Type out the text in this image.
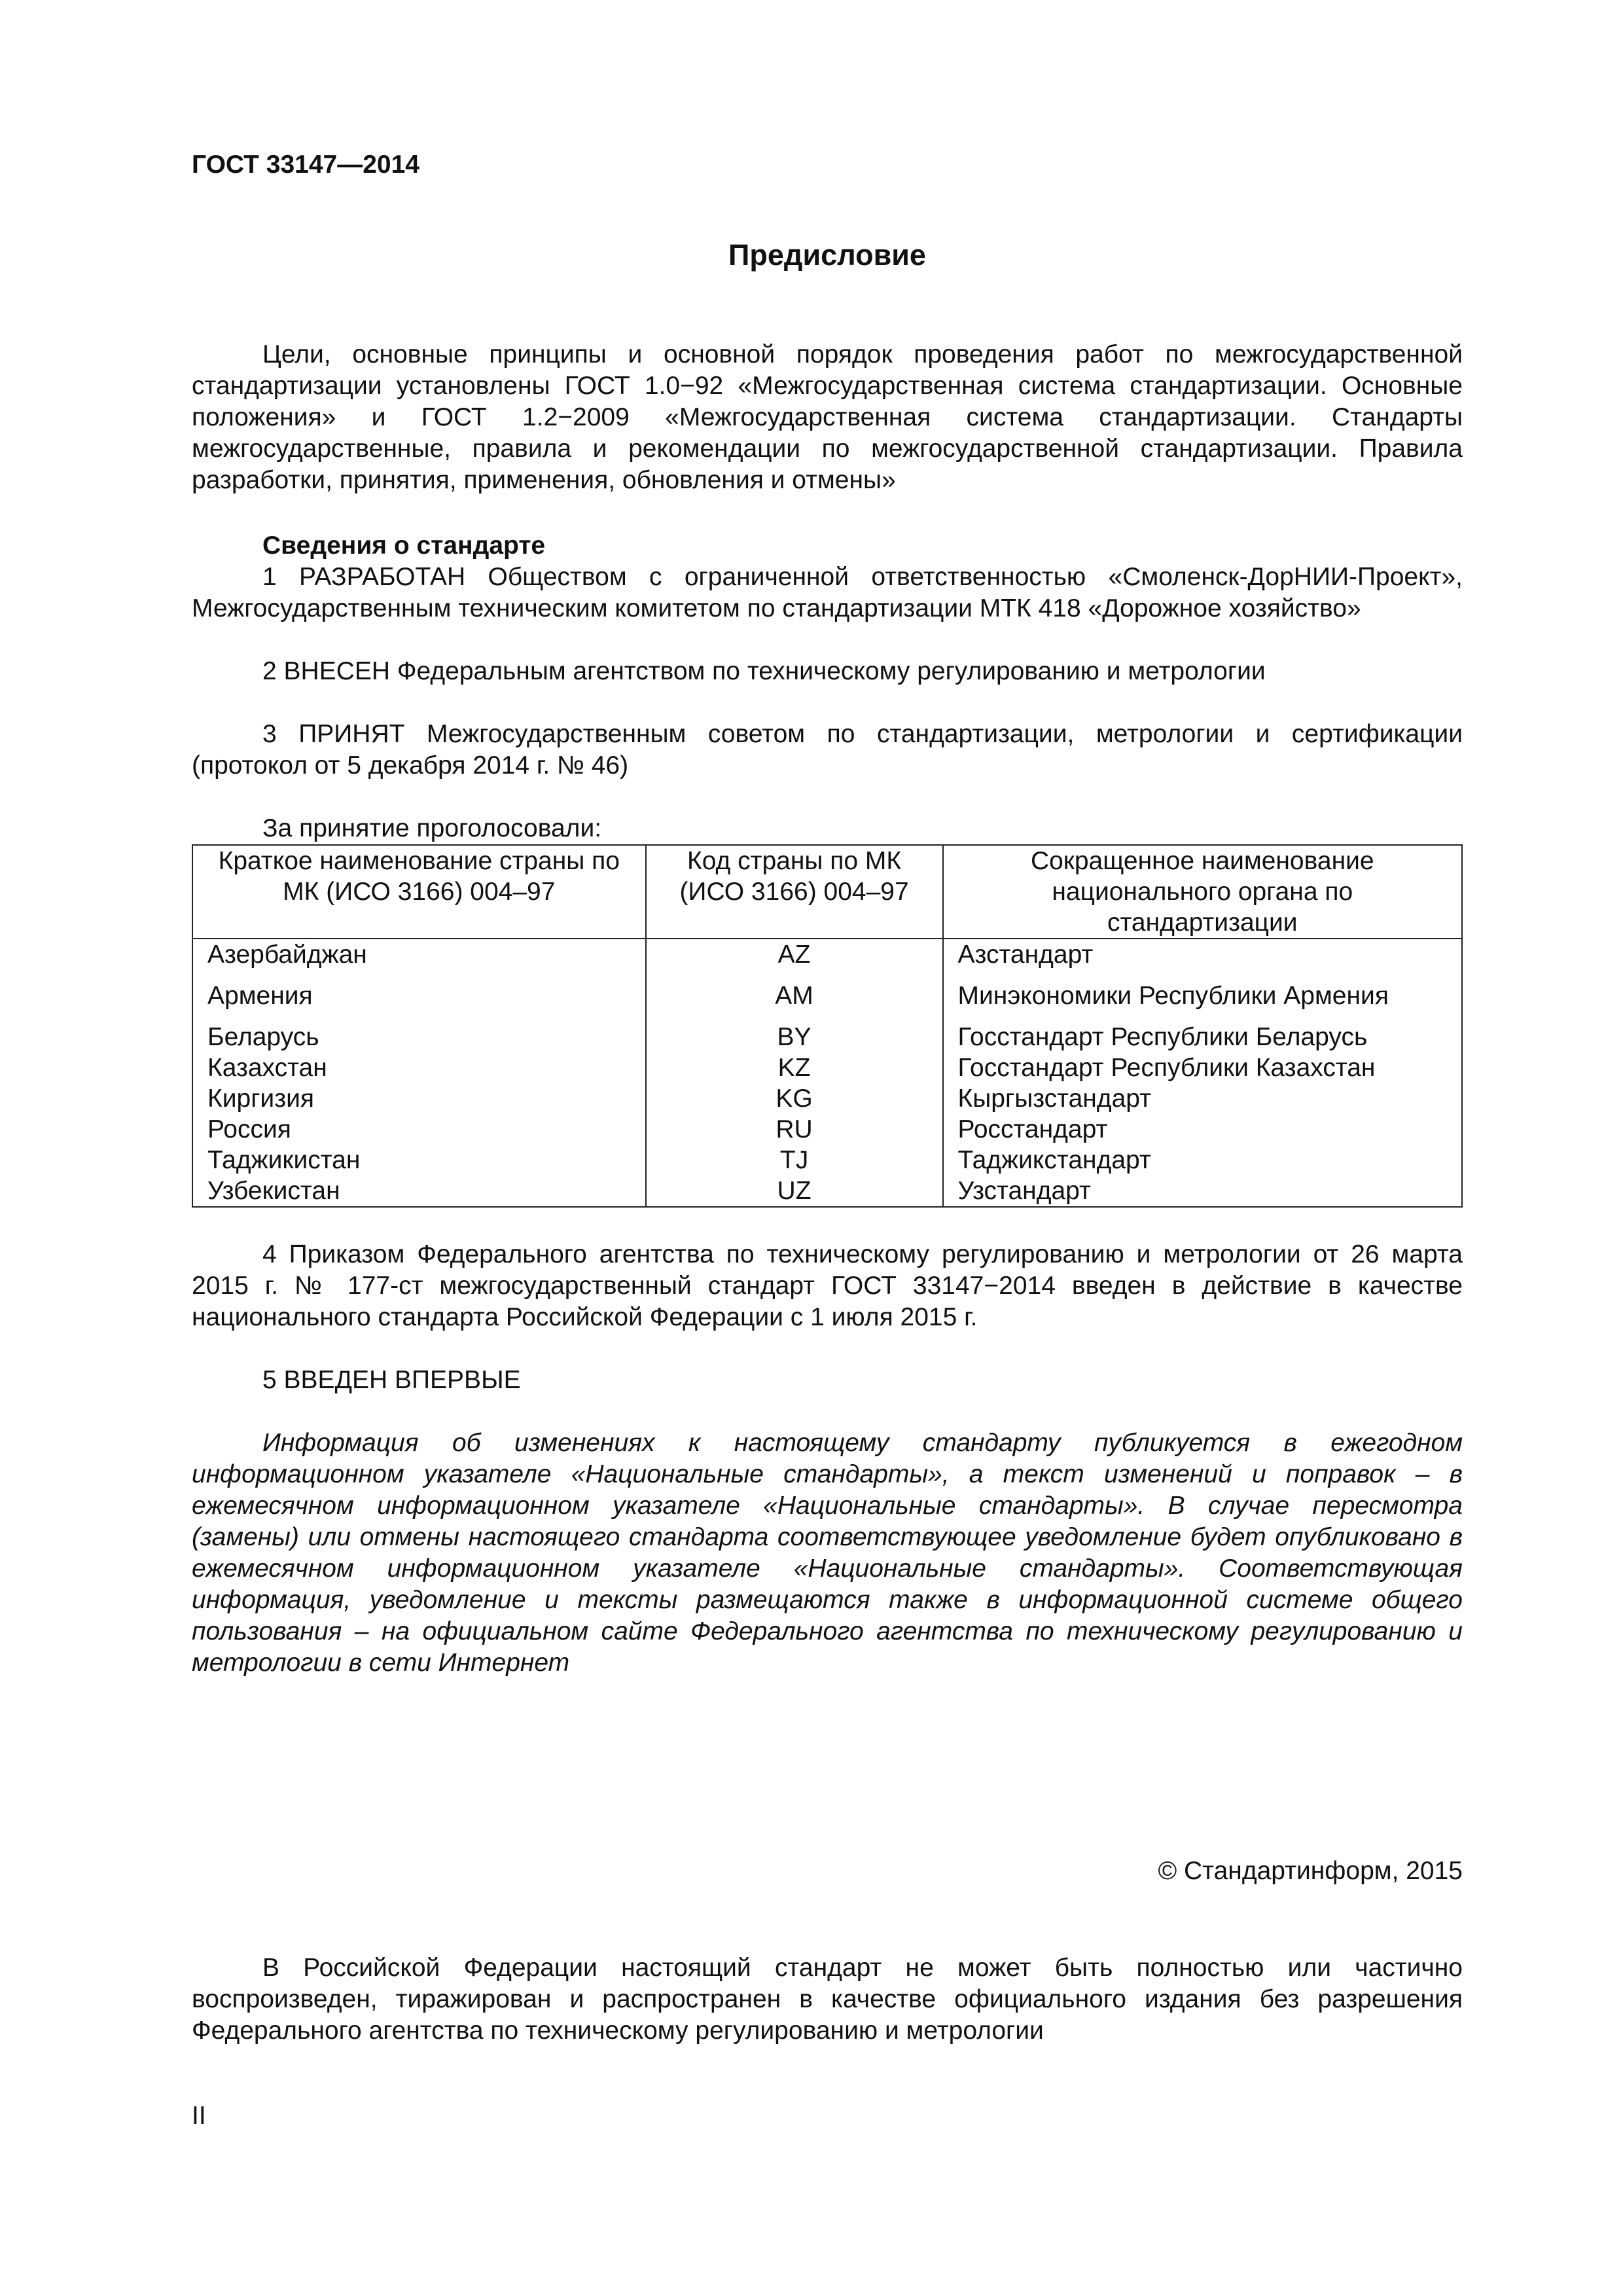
ГОСТ 33147—2014

Предисловие

Цели, основные принципы и основной порядок проведения работ по межгосударственной стандартизации установлены ГОСТ 1.0−92 «Межгосударственная система стандартизации. Основные положения» и ГОСТ 1.2−2009 «Межгосударственная система стандартизации. Стандарты межгосударственные, правила и рекомендации по межгосударственной стандартизации. Правила разработки, принятия, применения, обновления и отмены»

Сведения о стандарте

1 РАЗРАБОТАН Обществом с ограниченной ответственностью «Смоленск-ДорНИИ-Проект», Межгосударственным техническим комитетом по стандартизации МТК 418 «Дорожное хозяйство»

2 ВНЕСЕН Федеральным агентством по техническому регулированию и метрологии

3 ПРИНЯТ Межгосударственным советом по стандартизации, метрологии и сертификации (протокол от 5 декабря 2014 г. № 46)

За принятие проголосовали:

Краткое наименование страны по МК (ИСО 3166) 004–97	Код страны по МК (ИСО 3166) 004–97	Сокращенное наименование национального органа по стандартизации
Азербайджан	AZ	Азстандарт
Армения	AM	Минэкономики Республики Армения
Беларусь	BY	Госстандарт Республики Беларусь
Казахстан	KZ	Госстандарт Республики Казахстан
Киргизия	KG	Кыргызстандарт
Россия	RU	Росстандарт
Таджикистан	TJ	Таджикстандарт
Узбекистан	UZ	Узстандарт

4 Приказом Федерального агентства по техническому регулированию и метрологии от 26 марта 2015 г. № 177-ст межгосударственный стандарт ГОСТ 33147−2014 введен в действие в качестве национального стандарта Российской Федерации с 1 июля 2015 г.

5 ВВЕДЕН ВПЕРВЫЕ

Информация об изменениях к настоящему стандарту публикуется в ежегодном информационном указателе «Национальные стандарты», а текст изменений и поправок – в ежемесячном информационном указателе «Национальные стандарты». В случае пересмотра (замены) или отмены настоящего стандарта соответствующее уведомление будет опубликовано в ежемесячном информационном указателе «Национальные стандарты». Соответствующая информация, уведомление и тексты размещаются также в информационной системе общего пользования – на официальном сайте Федерального агентства по техническому регулированию и метрологии в сети Интернет

© Стандартинформ, 2015

В Российской Федерации настоящий стандарт не может быть полностью или частично воспроизведен, тиражирован и распространен в качестве официального издания без разрешения Федерального агентства по техническому регулированию и метрологии

II
